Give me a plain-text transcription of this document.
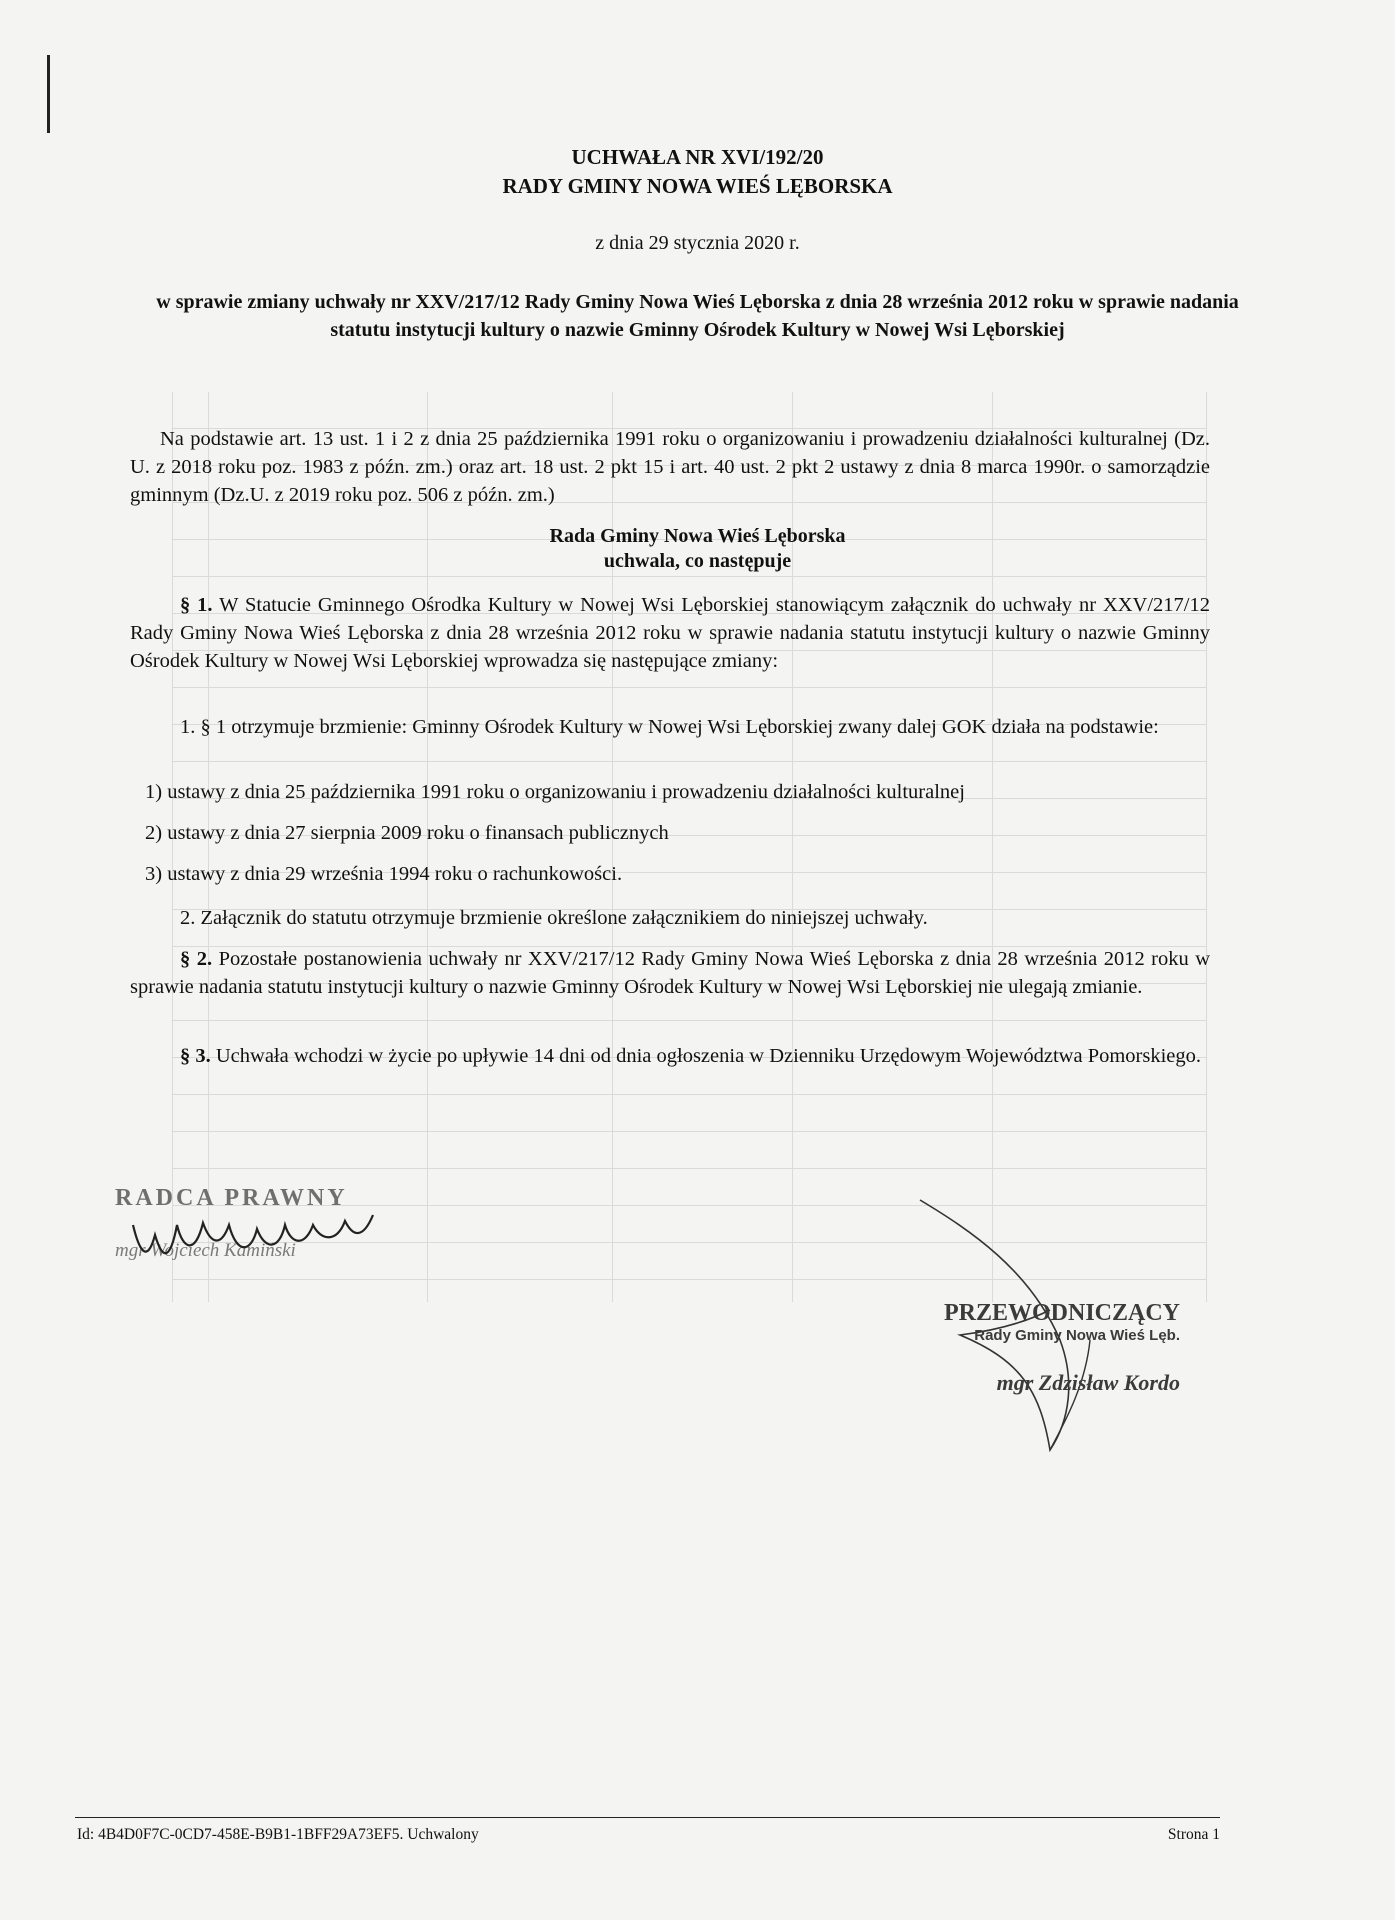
UCHWAŁA NR XVI/192/20
RADY GMINY NOWA WIEŚ LĘBORSKA
z dnia 29 stycznia 2020 r.
w sprawie zmiany uchwały nr XXV/217/12 Rady Gminy Nowa Wieś Lęborska z dnia 28 września 2012 roku w sprawie nadania statutu instytucji kultury o nazwie Gminny Ośrodek Kultury w Nowej Wsi Lęborskiej
Na podstawie art. 13 ust. 1 i 2 z dnia 25 października 1991 roku o organizowaniu i prowadzeniu działalności kulturalnej (Dz. U. z 2018 roku poz. 1983 z późn. zm.) oraz art. 18 ust. 2 pkt 15 i art. 40 ust. 2 pkt 2 ustawy z dnia 8 marca 1990r. o samorządzie gminnym (Dz.U. z 2019 roku poz. 506 z późn. zm.)
Rada Gminy Nowa Wieś Lęborska
uchwala, co następuje
§ 1. W Statucie Gminnego Ośrodka Kultury w Nowej Wsi Lęborskiej stanowiącym załącznik do uchwały nr XXV/217/12 Rady Gminy Nowa Wieś Lęborska z dnia 28 września 2012 roku w sprawie nadania statutu instytucji kultury o nazwie Gminny Ośrodek Kultury w Nowej Wsi Lęborskiej wprowadza się następujące zmiany:
1. § 1 otrzymuje brzmienie: Gminny Ośrodek Kultury w Nowej Wsi Lęborskiej zwany dalej GOK działa na podstawie:
1) ustawy z dnia 25 października 1991 roku o organizowaniu i prowadzeniu działalności kulturalnej
2) ustawy z dnia 27 sierpnia 2009 roku o finansach publicznych
3) ustawy z dnia 29 września 1994 roku o rachunkowości.
2. Załącznik do statutu otrzymuje brzmienie określone załącznikiem do niniejszej uchwały.
§ 2. Pozostałe postanowienia uchwały nr XXV/217/12 Rady Gminy Nowa Wieś Lęborska z dnia 28 września 2012 roku w sprawie nadania statutu instytucji kultury o nazwie Gminny Ośrodek Kultury w Nowej Wsi Lęborskiej nie ulegają zmianie.
§ 3. Uchwała wchodzi w życie po upływie 14 dni od dnia ogłoszenia w Dzienniku Urzędowym Województwa Pomorskiego.
RADCA PRAWNY
mgr Wojciech Kamiński
PRZEWODNICZĄCY
Rady Gminy Nowa Wieś Lęb.
mgr Zdzisław Kordo
Id: 4B4D0F7C-0CD7-458E-B9B1-1BFF29A73EF5. Uchwalony	Strona 1
